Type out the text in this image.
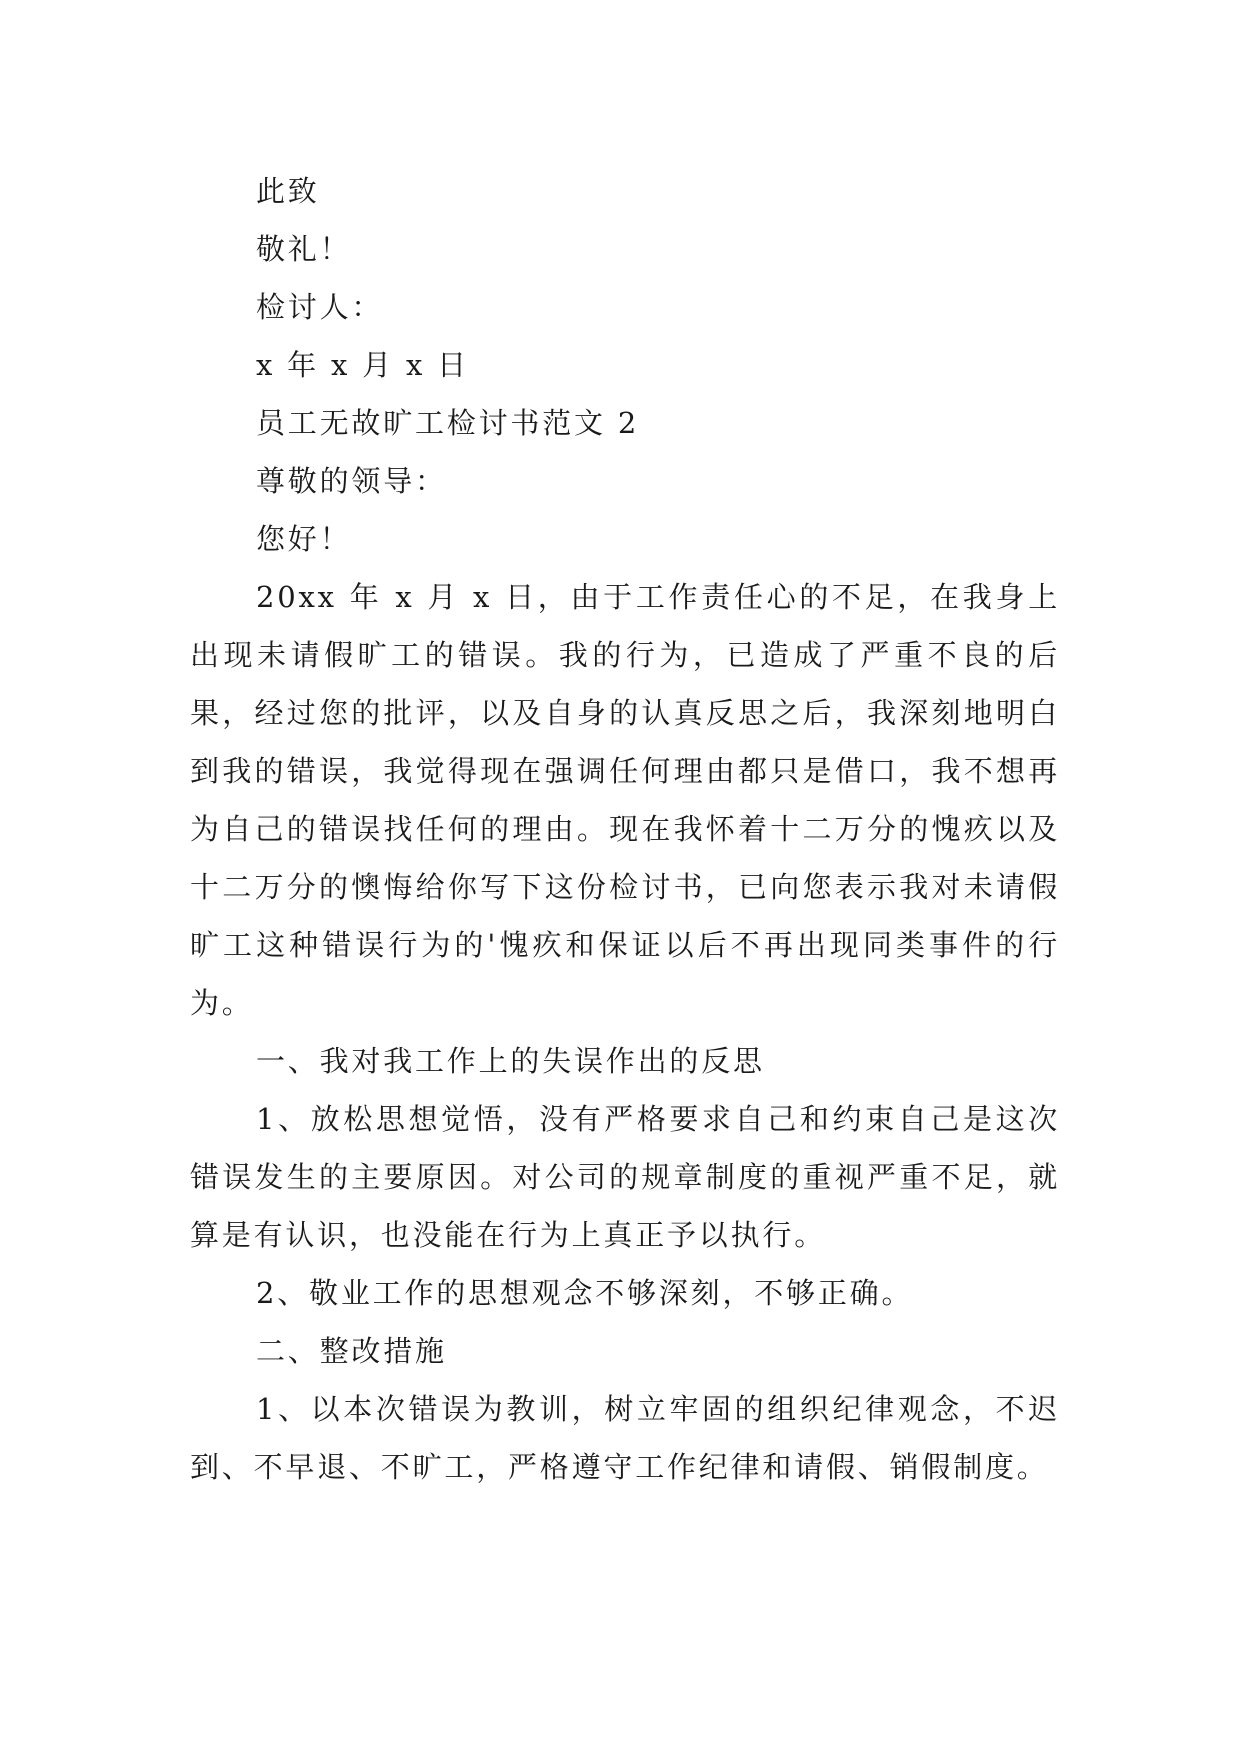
此致
敬礼！
检讨人：
x 年 x 月 x 日
员工无故旷工检讨书范文 2
尊敬的领导：
您好！

20xx 年 x 月 x 日，由于工作责任心的不足，在我身上出现未请假旷工的错误。我的行为，已造成了严重不良的后果，经过您的批评，以及自身的认真反思之后，我深刻地明白到我的错误，我觉得现在强调任何理由都只是借口，我不想再为自己的错误找任何的理由。现在我怀着十二万分的愧疚以及十二万分的懊悔给你写下这份检讨书，已向您表示我对未请假旷工这种错误行为的'愧疚和保证以后不再出现同类事件的行为。

一、我对我工作上的失误作出的反思

1、放松思想觉悟，没有严格要求自己和约束自己是这次错误发生的主要原因。对公司的规章制度的重视严重不足，就算是有认识，也没能在行为上真正予以执行。

2、敬业工作的思想观念不够深刻，不够正确。

二、整改措施

1、以本次错误为教训，树立牢固的组织纪律观念，不迟到、不早退、不旷工，严格遵守工作纪律和请假、销假制度。
